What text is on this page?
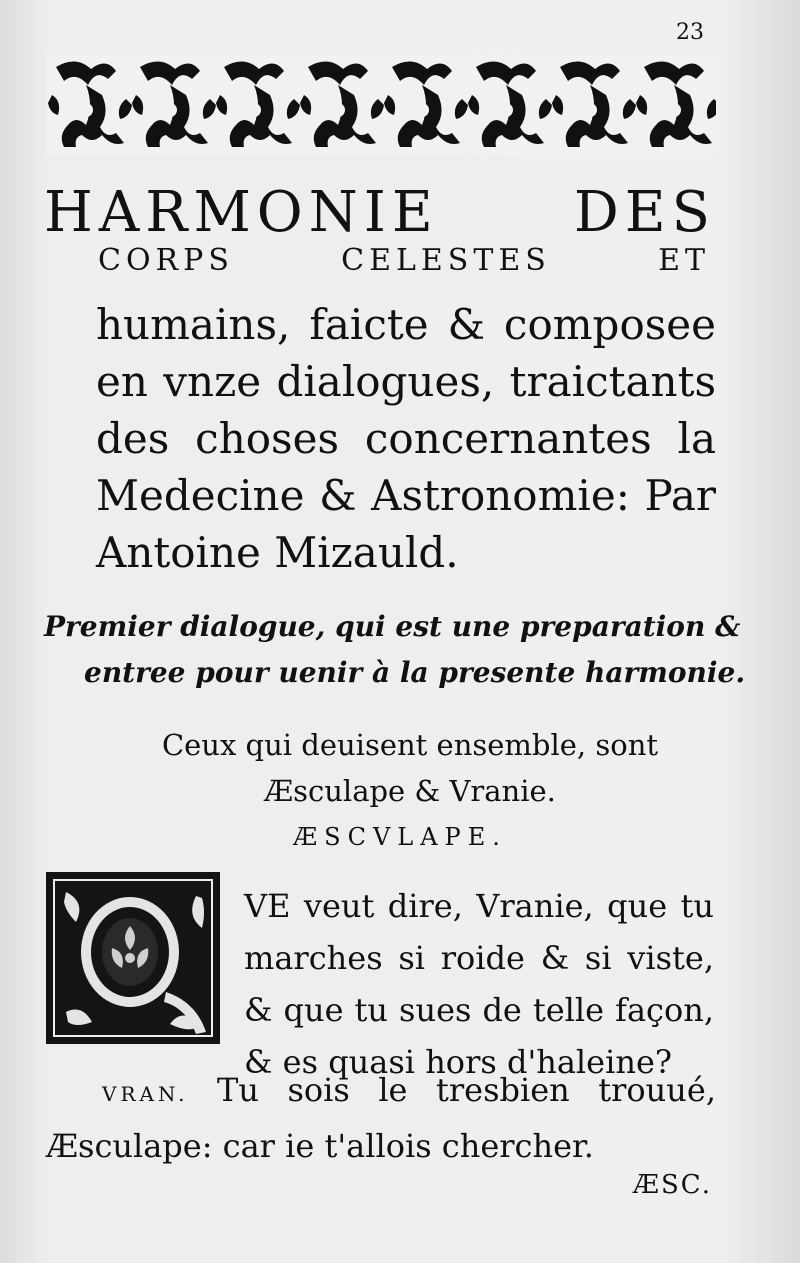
23
HARMONIE DES
CORPS CELESTES ET
humains, faicte & composee
en vnze dialogues, traictants
des choses concernantes la
Medecine & Astronomie: Par
Antoine Mizauld.
Premier dialogue, qui est une preparation &
entree pour uenir à la presente harmonie.
Ceux qui deuisent ensemble, sont
Æsculape & Vranie.
ÆSCVLAPE.
VE veut dire, Vranie, que tu
marches si roide & si viste,
& que tu sues de telle façon,
& es quasi hors d'haleine?
VRAN. Tu sois le tresbien trouué,
Æsculape: car ie t'allois chercher.
ÆSC.
